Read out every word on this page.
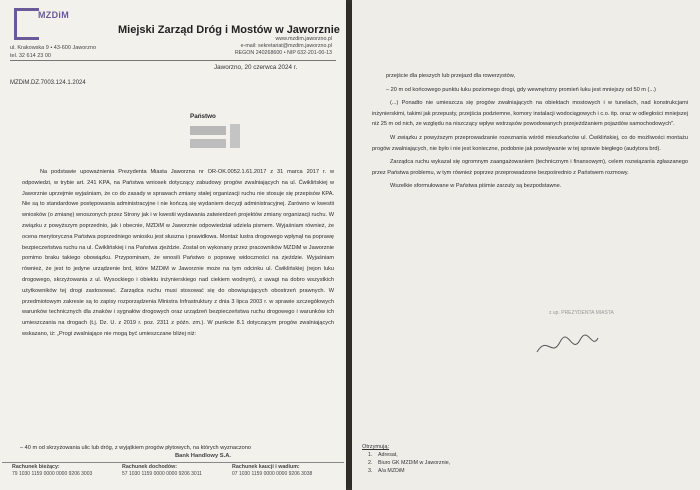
MZDiM
Miejski Zarząd Dróg i Mostów w Jaworznie
ul. Krakowska 9 • 43-600 Jaworzno
tel. 32 614 23 00
www.mzdim.jaworzno.pl
e-mail: sekretariat@mzdim.jaworzno.pl
REGON 240268600 • NIP 632-201-00-13
Jaworzno, 20 czerwca 2024 r.
MZDiM.DZ.7003.124.1.2024
Państwo

Na podstawie upoważnienia Prezydenta Miasta Jaworzna nr OR-OK.0052.1.61.2017 z 31 marca 2017 r. w odpowiedzi, w trybie art. 241 KPA, na Państwa wniosek dotyczący zabudowy progów zwalniających na ul. Ćwiklińskiej w Jaworznie uprzejmie wyjaśniam, że co do zasady w sprawach zmiany stałej organizacji ruchu nie stosuje się przepisów KPA. Nie są to standardowe postępowania administracyjne i nie kończą się wydaniem decyzji administracyjnej. Zarówno w kwestii wniosków (o zmianę) wnoszonych przez Strony jak i w kwestii wydawania zatwierdzeń projektów zmiany organizacji ruchu. W związku z powyższym poprzednio, jak i obecnie, MZDiM w Jaworznie odpowiedział udziela pismem. Wyjaśniam również, że ocena merytoryczna Państwa poprzedniego wniosku jest słuszna i prawidłowa. Montaż lustra drogowego wpłynął na poprawę bezpieczeństwa ruchu na ul. Ćwiklińskiej i na Państwa zjeździe. Został on wykonany przez pracowników MZDiM w Jaworznie pomimo braku takiego obowiązku. Przypominam, że wnosili Państwo o poprawę widoczności na zjeździe. Wyjaśniam również, że jest to jedyne urządzenie brd, które MZDiM w Jaworznie może na tym odcinku ul. Ćwiklińskiej (rejon luku drogowego, skrzyżowania z ul. Wysockiego i obiektu inżynierskiego nad ciekiem wodnym), z uwagi na dobro wszystkich użytkowników tej drogi zastosować. Zarządca ruchu musi stosować się do obowiązujących obostrzeń prawnych. W przedmiotowym zakresie są to zapisy rozporządzenia Ministra Infrastruktury z dnia 3 lipca 2003 r. w sprawie szczegółowych warunków technicznych dla znaków i sygnałów drogowych oraz urządzeń bezpieczeństwa ruchu drogowego i warunków ich umieszczania na drogach (t.j. Dz. U. z 2019 r. poz. 2311 z późn. zm.). W punkcie 8.1 dotyczącym progów zwalniających wskazano, iż: „Progi zwalniające nie mogą być umieszczane bliżej niż:

– 40 m od skrzyżowania ulic lub dróg, z wyjątkiem progów płytowych, na których wyznaczono
Bank Handlowy S.A.
Rachunek bieżący:
79 1030 1159 0000 0000 9206 3003
Rachunek dochodów:
57 1030 1159 0000 0000 9206 3011
Rachunek kaucji i wadium:
07 1030 1159 0000 0000 9206 3038

przejście dla pieszych lub przejazd dla rowerzystów,

– 20 m od końcowego punktu łuku poziomego drogi, gdy wewnętrzny promień łuku jest mniejszy od 50 m (...)

(...) Ponadto nie umieszcza się progów zwalniających na obiektach mostowych i w tunelach, nad konstrukcjami inżynierskimi, takimi jak przepusty, przejścia podziemne, komory instalacji wodociągowych i c.o. itp. oraz w odległości mniejszej niż 25 m od nich, ze względu na niszczący wpływ wstrząsów powodowanych przejeżdżaniem pojazdów samochodowych".

W związku z powyższym przeprowadzanie rozeznania wśród mieszkańców ul. Ćwiklińskiej, co do możliwości montażu progów zwalniających, nie było i nie jest konieczne, podobnie jak powoływanie w tej sprawie biegłego (audytora brd).

Zarządca ruchu wykazał się ogromnym zaangażowaniem (technicznym i finansowym), celem rozwiązania zgłaszanego przez Państwa problemu, w tym również poprzez przeprowadzone bezpośrednio z Państwem rozmowy.

Wszelkie sformułowane w Państwa piśmie zarzuty są bezpodstawne.

z up. PREZYDENTA MIASTA
Otrzymują:
1. Adresat,
2. Biuro GK MZDiM w Jaworznie,
3. A/a MZDiM
